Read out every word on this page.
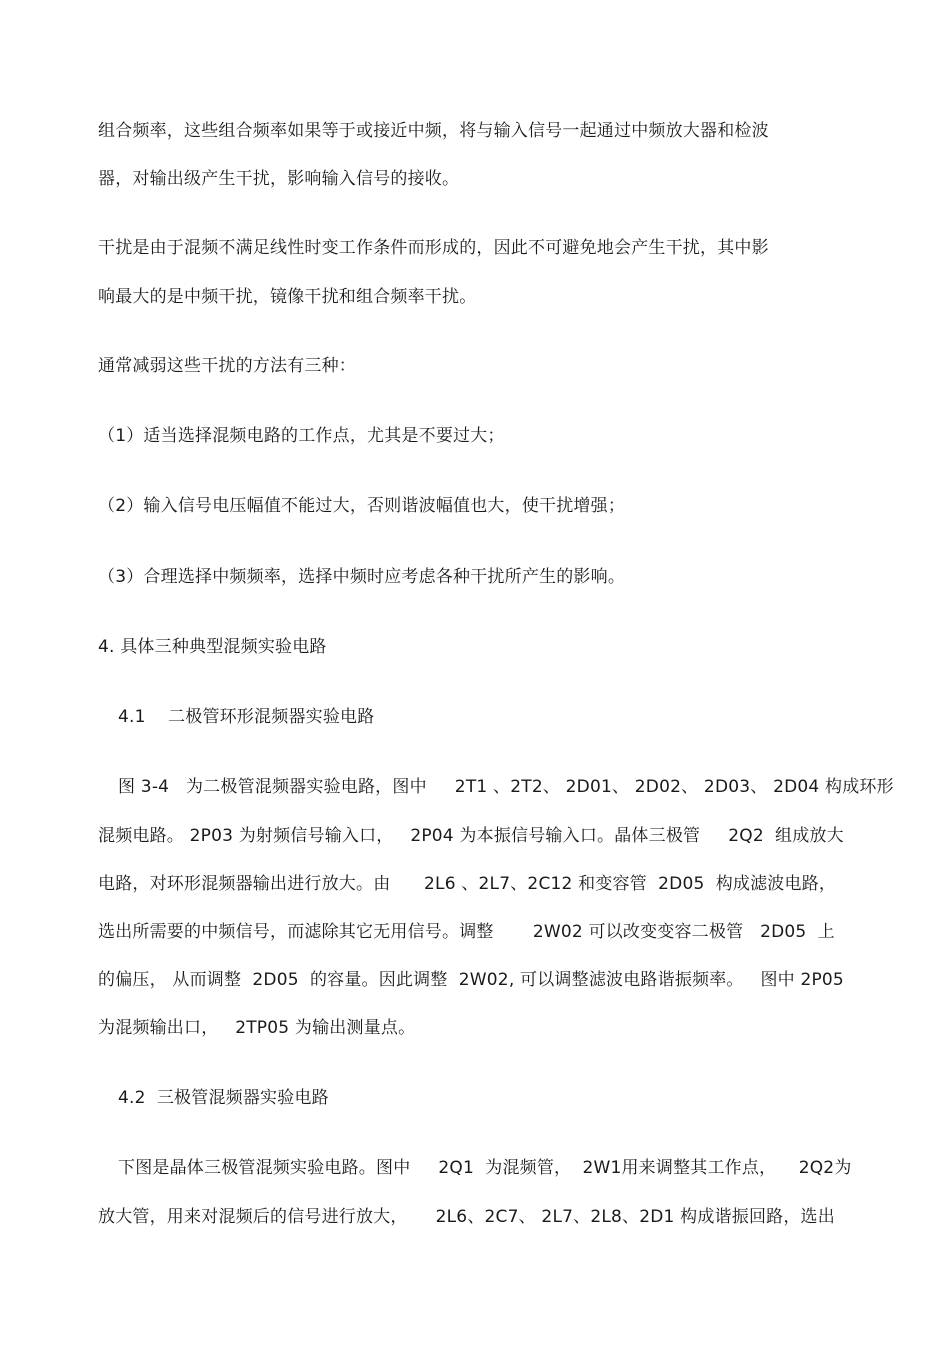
组合频率，这些组合频率如果等于或接近中频，将与输入信号一起通过中频放大器和检波
器，对输出级产生干扰，影响输入信号的接收。
干扰是由于混频不满足线性时变工作条件而形成的，因此不可避免地会产生干扰，其中影
响最大的是中频干扰，镜像干扰和组合频率干扰。
通常减弱这些干扰的方法有三种：
（1）适当选择混频电路的工作点，尤其是不要过大；
（2）输入信号电压幅值不能过大，否则谐波幅值也大，使干扰增强；
（3）合理选择中频频率，选择中频时应考虑各种干扰所产生的影响。
4. 具体三种典型混频实验电路
4.1    二极管环形混频器实验电路
图 3-4   为二极管混频器实验电路，图中     2T1 、2T2、 2D01、 2D02、 2D03、 2D04 构成环形
混频电路。 2P03 为射频信号输入口，   2P04 为本振信号输入口。晶体三极管     2Q2  组成放大
电路，对环形混频器输出进行放大。由      2L6 、2L7、2C12 和变容管  2D05  构成滤波电路，
选出所需要的中频信号，而滤除其它无用信号。调整       2W02 可以改变变容二极管   2D05  上
的偏压， 从而调整  2D05  的容量。因此调整  2W02, 可以调整滤波电路谐振频率。   图中 2P05
为混频输出口，   2TP05 为输出测量点。
4.2  三极管混频器实验电路
下图是晶体三极管混频实验电路。图中     2Q1  为混频管，  2W1用来调整其工作点，    2Q2为
放大管，用来对混频后的信号进行放大，     2L6、2C7、 2L7、2L8、2D1 构成谐振回路，选出
